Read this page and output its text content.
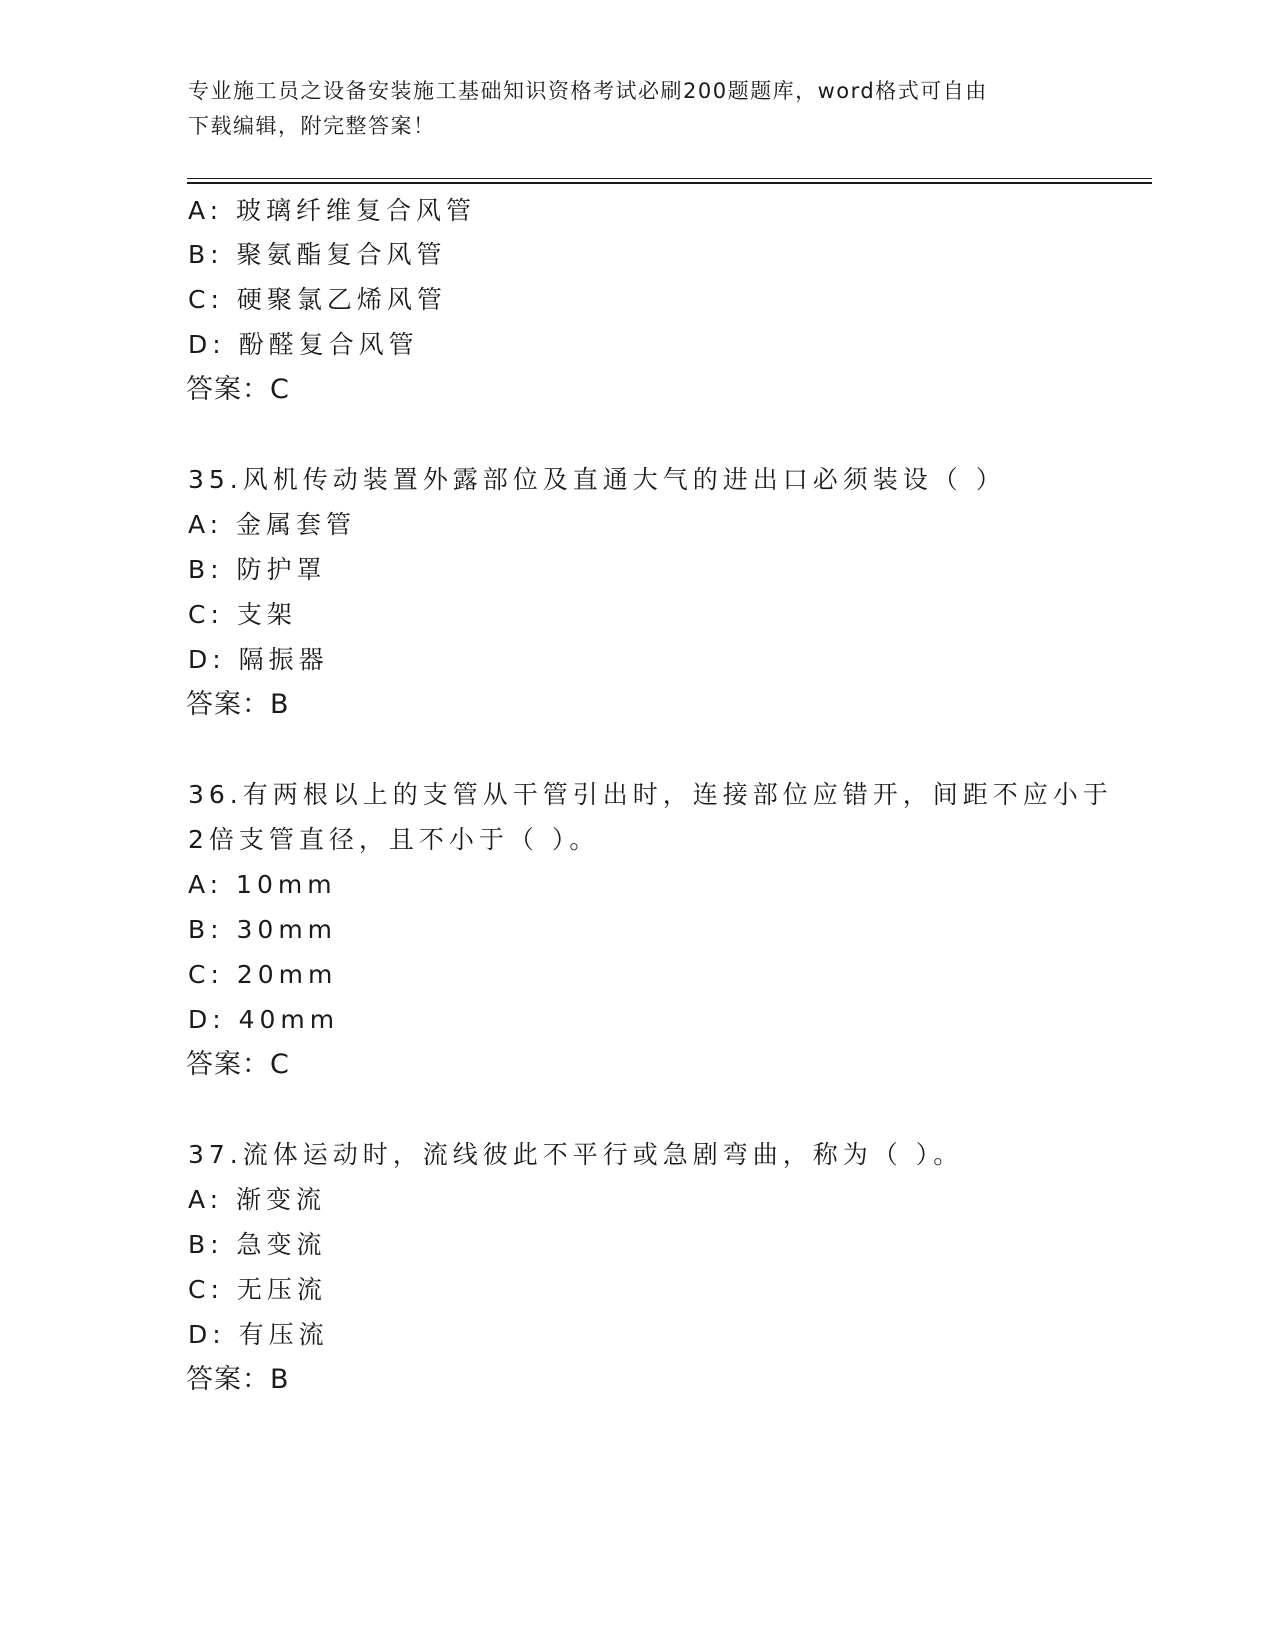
专业施工员之设备安装施工基础知识资格考试必刷200题题库，word格式可自由
下载编辑，附完整答案！
A: 玻璃纤维复合风管
B: 聚氨酯复合风管
C: 硬聚氯乙烯风管
D: 酚醛复合风管
答案：C
35.风机传动装置外露部位及直通大气的进出口必须装设（ ）
A: 金属套管
B: 防护罩
C: 支架
D: 隔振器
答案：B
36.有两根以上的支管从干管引出时，连接部位应错开，间距不应小于
2倍支管直径，且不小于（ ）。
A: 10mm
B: 30mm
C: 20mm
D: 40mm
答案：C
37.流体运动时，流线彼此不平行或急剧弯曲，称为（ ）。
A: 渐变流
B: 急变流
C: 无压流
D: 有压流
答案：B
